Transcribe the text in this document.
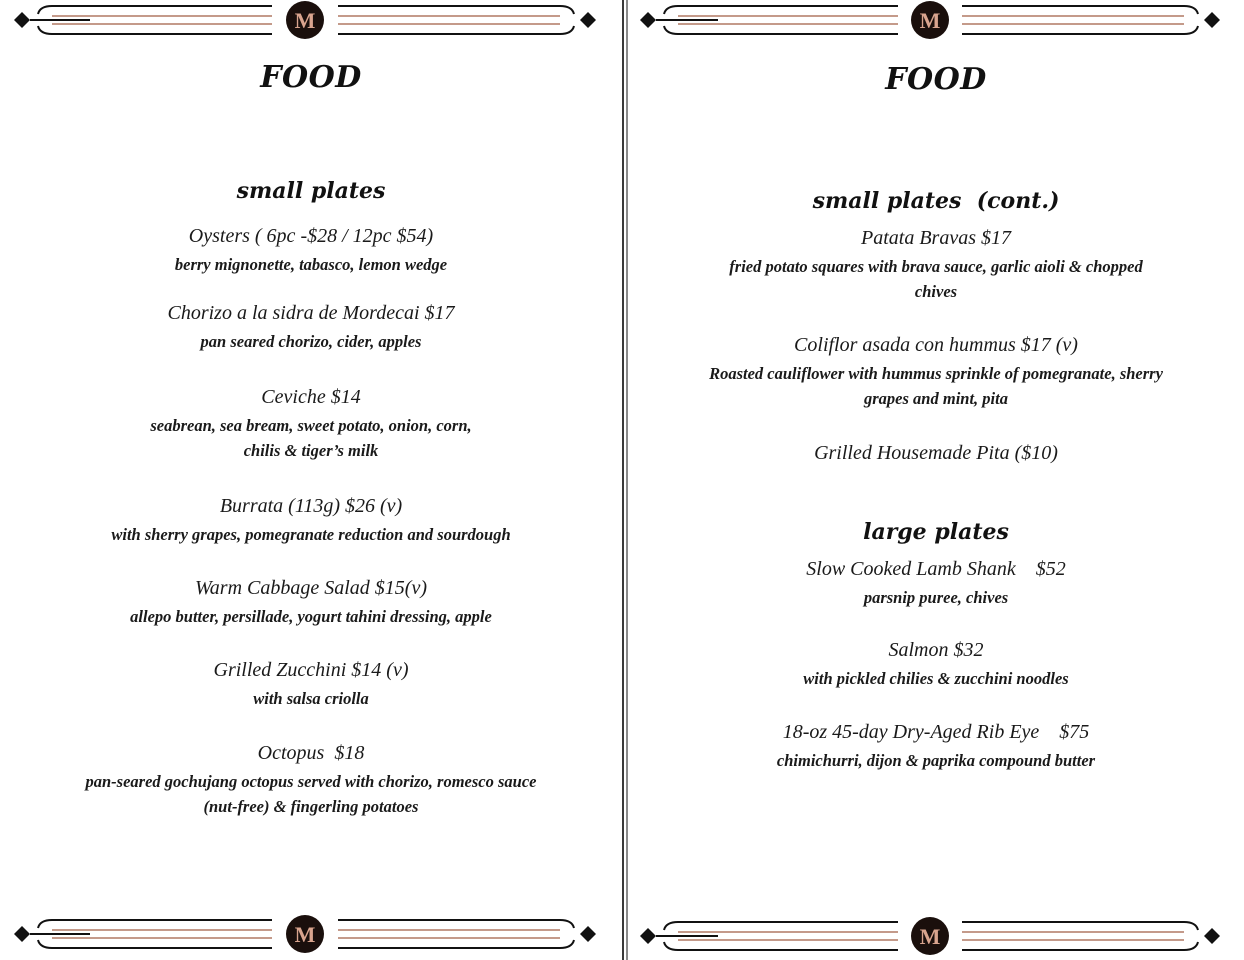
M
FOOD
small plates
Oysters ( 6pc -$28 / 12pc $54)
berry mignonette, tabasco, lemon wedge
Chorizo a la sidra de Mordecai $17
pan seared chorizo, cider, apples
Ceviche $14
seabrean, sea bream, sweet potato, onion, corn,
chilis & tiger’s milk
Burrata (113g) $26 (v)
with sherry grapes, pomegranate reduction and sourdough
Warm Cabbage Salad $15(v)
allepo butter, persillade, yogurt tahini dressing, apple
Grilled Zucchini $14 (v)
with salsa criolla
Octopus  $18
pan-seared gochujang octopus served with chorizo, romesco sauce
(nut-free) & fingerling potatoes
M
M
FOOD
small plates  (cont.)
Patata Bravas $17
fried potato squares with brava sauce, garlic aioli & chopped
chives
Coliflor asada con hummus $17 (v)
Roasted cauliflower with hummus sprinkle of pomegranate, sherry
grapes and mint, pita
Grilled Housemade Pita ($10)
large plates
Slow Cooked Lamb Shank    $52
parsnip puree, chives
Salmon $32
with pickled chilies & zucchini noodles
18-oz 45-day Dry-Aged Rib Eye    $75
chimichurri, dijon & paprika compound butter
M
